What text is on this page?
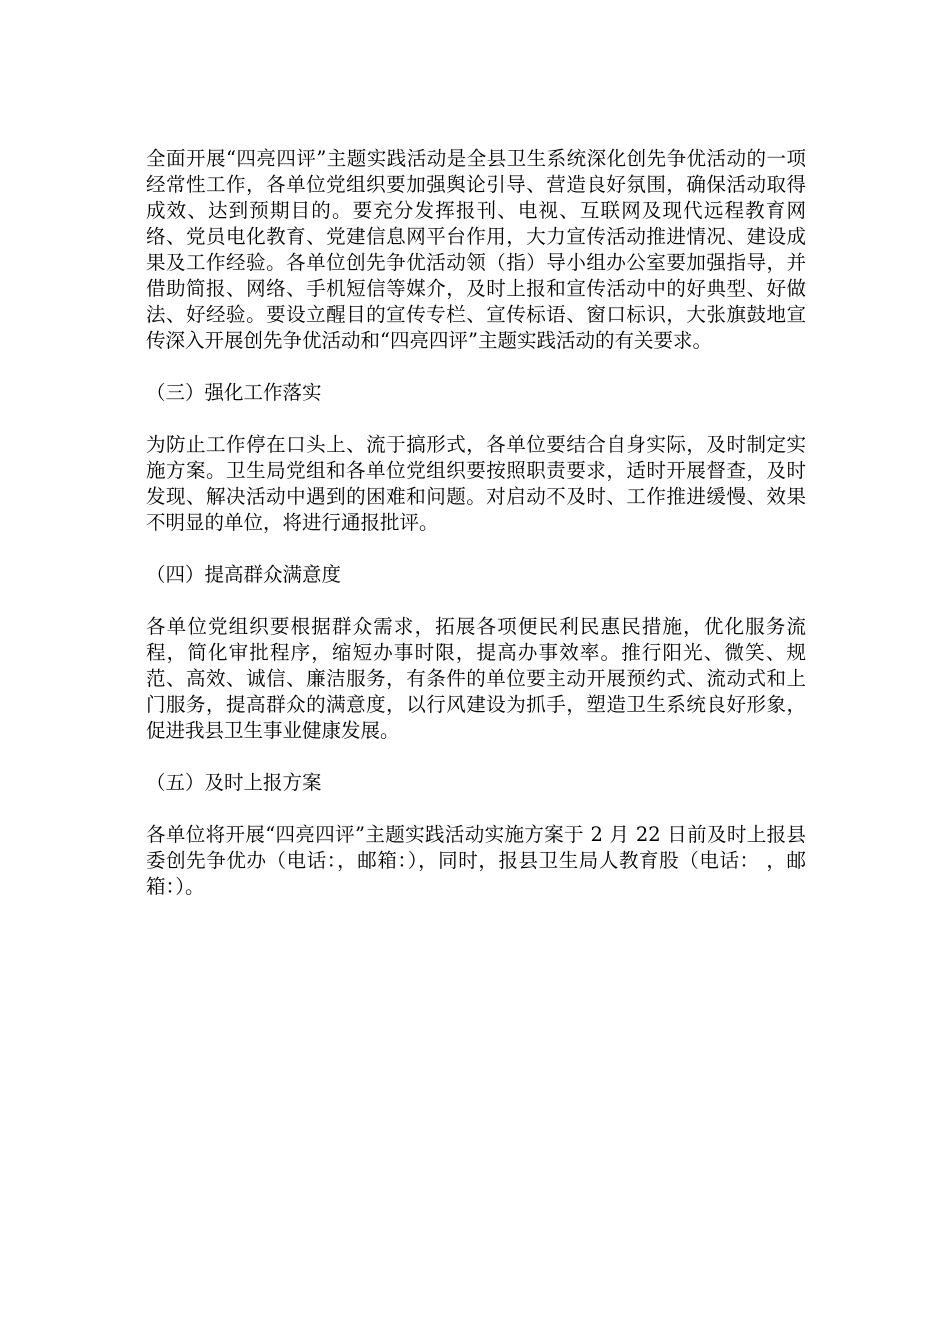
全面开展“四亮四评”主题实践活动是全县卫生系统深化创先争优活动的一项经常性工作，各单位党组织要加强舆论引导、营造良好氛围，确保活动取得成效、达到预期目的。要充分发挥报刊、电视、互联网及现代远程教育网络、党员电化教育、党建信息网平台作用，大力宣传活动推进情况、建设成果及工作经验。各单位创先争优活动领（指）导小组办公室要加强指导，并借助简报、网络、手机短信等媒介，及时上报和宣传活动中的好典型、好做法、好经验。要设立醒目的宣传专栏、宣传标语、窗口标识，大张旗鼓地宣传深入开展创先争优活动和“四亮四评”主题实践活动的有关要求。

（三）强化工作落实

为防止工作停在口头上、流于搞形式，各单位要结合自身实际，及时制定实施方案。卫生局党组和各单位党组织要按照职责要求，适时开展督查，及时发现、解决活动中遇到的困难和问题。对启动不及时、工作推进缓慢、效果不明显的单位，将进行通报批评。

（四）提高群众满意度

各单位党组织要根据群众需求，拓展各项便民利民惠民措施，优化服务流程，简化审批程序，缩短办事时限，提高办事效率。推行阳光、微笑、规范、高效、诚信、廉洁服务，有条件的单位要主动开展预约式、流动式和上门服务，提高群众的满意度，以行风建设为抓手，塑造卫生系统良好形象，促进我县卫生事业健康发展。

（五）及时上报方案

各单位将开展“四亮四评”主题实践活动实施方案于 2 月 22 日前及时上报县委创先争优办（电话：，邮箱：），同时，报县卫生局人教育股（电话： ，邮箱：）。
